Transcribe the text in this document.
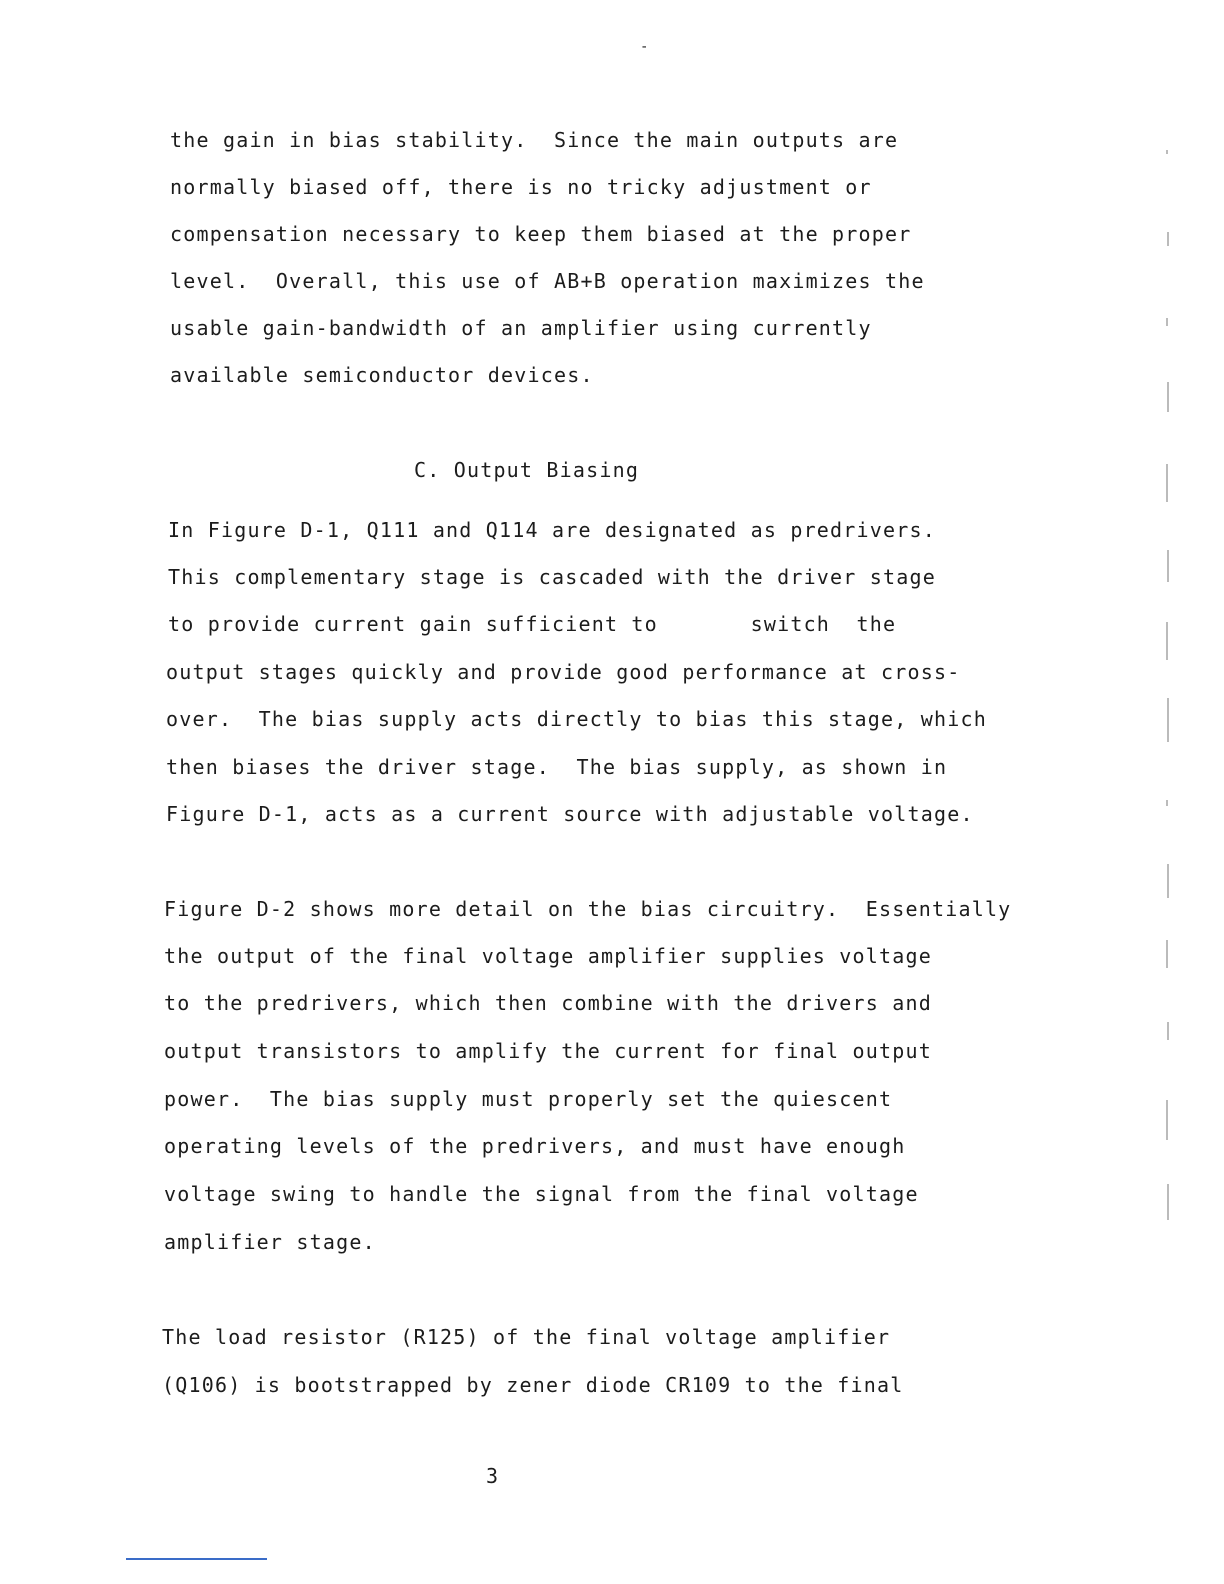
-
the gain in bias stability.  Since the main outputs are
normally biased off, there is no tricky adjustment or
compensation necessary to keep them biased at the proper
level.  Overall, this use of AB+B operation maximizes the
usable gain-bandwidth of an amplifier using currently
available semiconductor devices.
C. Output Biasing
In Figure D-1, Q111 and Q114 are designated as predrivers.
This complementary stage is cascaded with the driver stage
to provide current gain sufficient to       switch  the
output stages quickly and provide good performance at cross-
over.  The bias supply acts directly to bias this stage, which
then biases the driver stage.  The bias supply, as shown in
Figure D-1, acts as a current source with adjustable voltage.
Figure D-2 shows more detail on the bias circuitry.  Essentially
the output of the final voltage amplifier supplies voltage
to the predrivers, which then combine with the drivers and
output transistors to amplify the current for final output
power.  The bias supply must properly set the quiescent
operating levels of the predrivers, and must have enough
voltage swing to handle the signal from the final voltage
amplifier stage.
The load resistor (R125) of the final voltage amplifier
(Q106) is bootstrapped by zener diode CR109 to the final
3
